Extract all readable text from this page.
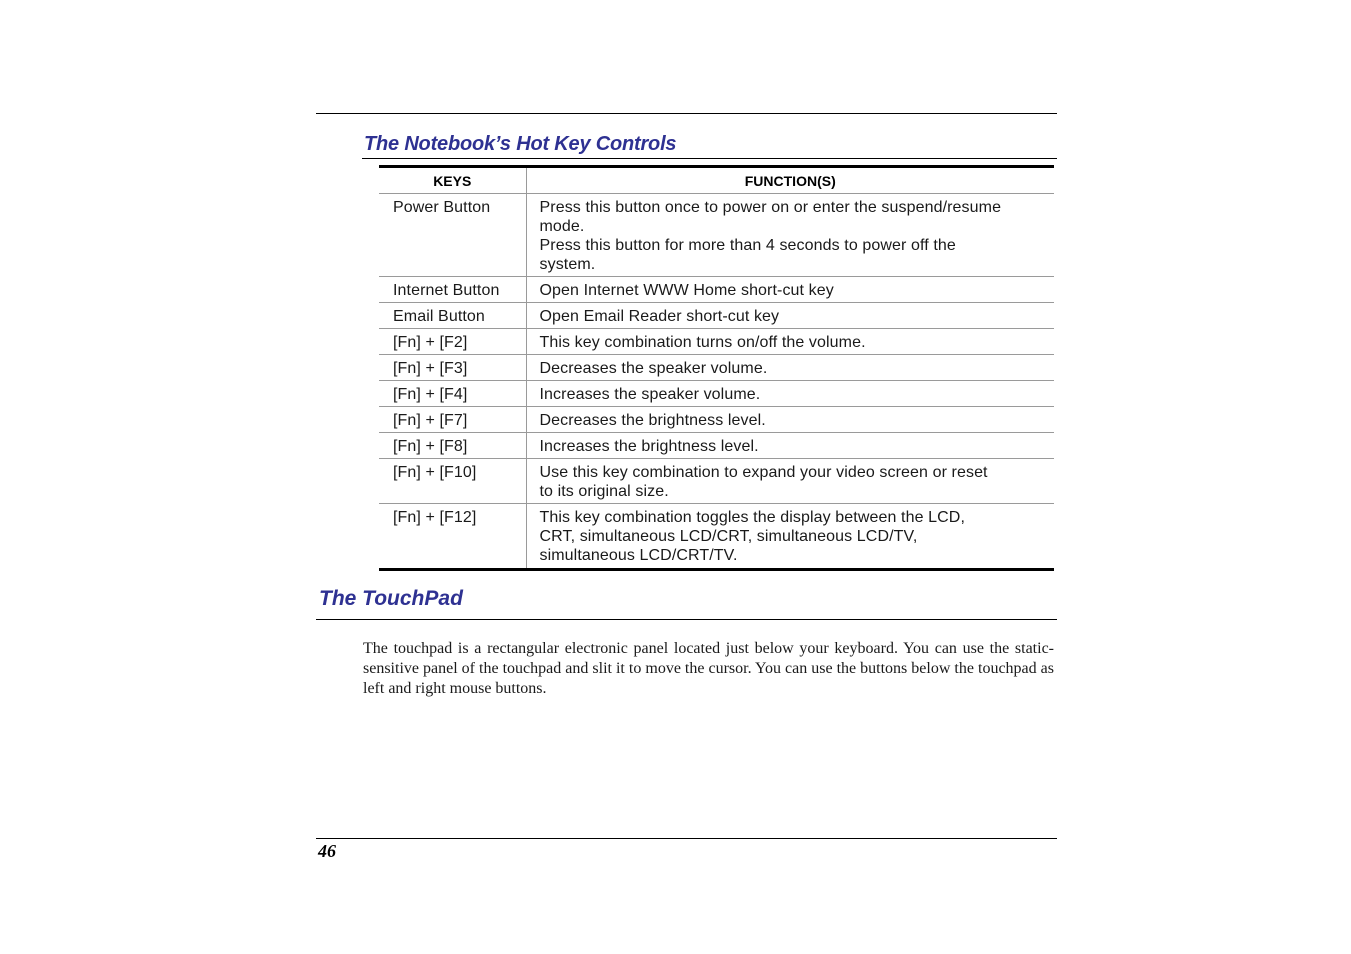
The Notebook’s Hot Key Controls
KEYS	FUNCTION(S)
Power Button	Press this button once to power on or enter the suspend/resume
mode.
Press this button for more than 4 seconds to power off the
system.

Internet Button	Open Internet WWW Home short-cut key

Email Button	Open Email Reader short-cut key

[Fn] + [F2]	This key combination turns on/off the volume.

[Fn] + [F3]	Decreases the speaker volume.

[Fn] + [F4]	Increases the speaker volume.

[Fn] + [F7]	Decreases the brightness level.

[Fn] + [F8]	Increases the brightness level.

[Fn] + [F10]	Use this key combination to expand your video screen or reset
to its original size.

[Fn] + [F12]	This key combination toggles the display between the LCD,
CRT, simultaneous LCD/CRT, simultaneous LCD/TV,
simultaneous LCD/CRT/TV.
The TouchPad

The touchpad is a rectangular electronic panel located just below your keyboard. You can use the static-sensitive panel of the touchpad and slit it to move the cursor. You can use the buttons below the touchpad as left and right mouse buttons.

46
